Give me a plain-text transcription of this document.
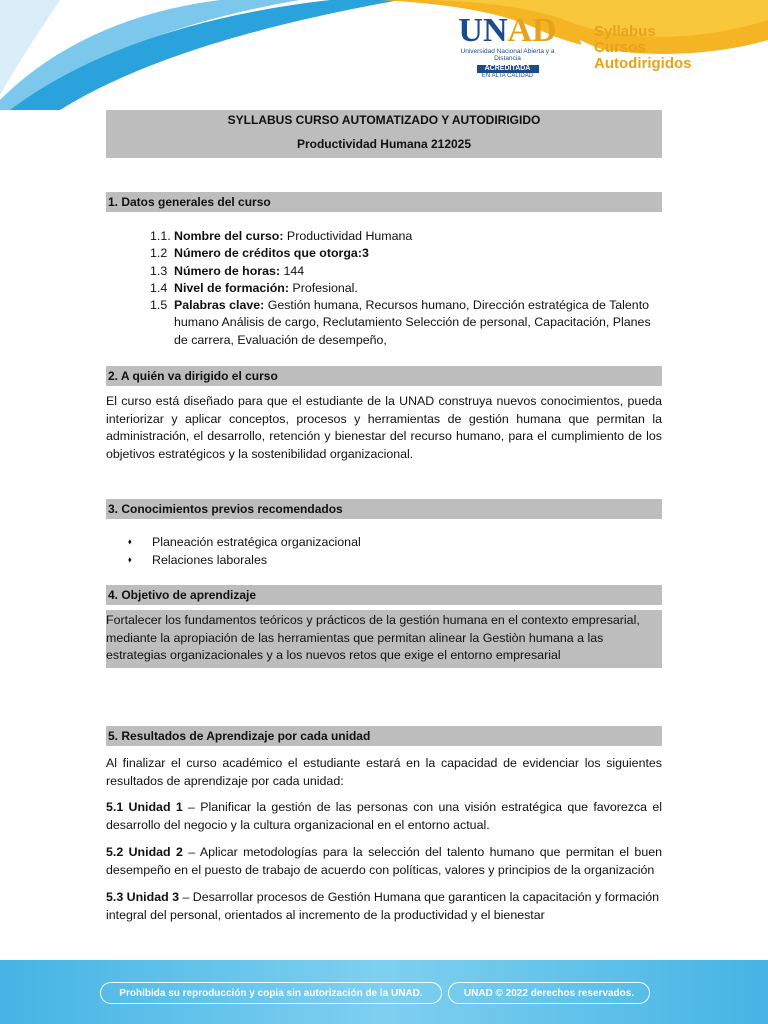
UNAD
Universidad Nacional Abierta y a Distancia
ACREDITADA
EN ALTA CALIDAD
Syllabus
Cursos
Autodirigidos
SYLLABUS CURSO AUTOMATIZADO Y AUTODIRIGIDO
Productividad Humana 212025
1. Datos generales del curso
1.1. Nombre del curso: Productividad Humana
1.2 Número de créditos que otorga:3
1.3 Número de horas: 144
1.4 Nivel de formación: Profesional.
1.5 Palabras clave: Gestión humana, Recursos humano, Dirección estratégica de Talento humano Análisis de cargo, Reclutamiento Selección de personal, Capacitación, Planes de carrera, Evaluación de desempeño,
2. A quién va dirigido el curso
El curso está diseñado para que el estudiante de la UNAD construya nuevos conocimientos, pueda interiorizar y aplicar conceptos, procesos y herramientas de gestión humana que permitan la administración, el desarrollo, retención y bienestar del recurso humano, para el cumplimiento de los objetivos estratégicos y la sostenibilidad organizacional.
3. Conocimientos previos recomendados
⬧	Planeación estratégica organizacional
⬧	Relaciones laborales
4. Objetivo de aprendizaje
Fortalecer los fundamentos teóricos y prácticos de la gestión humana en el contexto empresarial, mediante la apropiación de las herramientas que permitan alinear la Gestiòn humana a las estrategias organizacionales y a los nuevos retos que exige el entorno empresarial
5. Resultados de Aprendizaje por cada unidad
Al finalizar el curso académico el estudiante estará en la capacidad de evidenciar los siguientes resultados de aprendizaje por cada unidad:
5.1 Unidad 1 – Planificar la gestión de las personas con una visión estratégica que favorezca el desarrollo del negocio y la cultura organizacional en el entorno actual.
5.2 Unidad 2 – Aplicar metodologías para la selección del talento humano que permitan el buen desempeño en el puesto de trabajo de acuerdo con políticas, valores y principios de la organización
5.3 Unidad 3 – Desarrollar procesos de Gestión Humana que garanticen la capacitación y formación integral del personal, orientados al incremento de la productividad y el bienestar
Prohibida su reproducción y copia sin autorización de la UNAD.	UNAD © 2022 derechos reservados.
